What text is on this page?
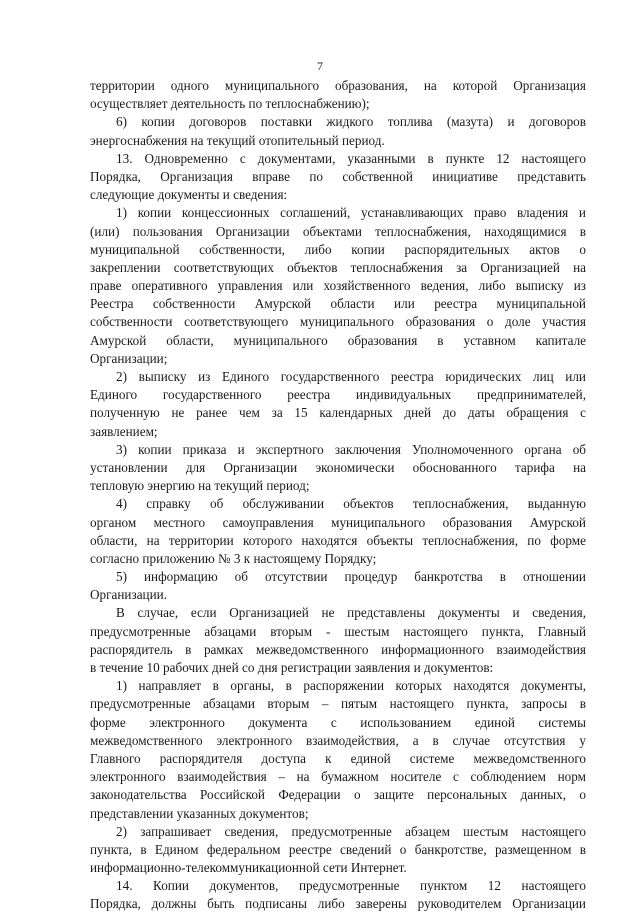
7
территории одного муниципального образования, на которой Организация
осуществляет деятельность по теплоснабжению);
6) копии договоров поставки жидкого топлива (мазута) и договоров
энергоснабжения на текущий отопительный период.
13. Одновременно с документами, указанными в пункте 12 настоящего
Порядка, Организация вправе по собственной инициативе представить
следующие документы и сведения:
1) копии концессионных соглашений, устанавливающих право владения и
(или) пользования Организации объектами теплоснабжения, находящимися в
муниципальной собственности, либо копии распорядительных актов о
закреплении соответствующих объектов теплоснабжения за Организацией на
праве оперативного управления или хозяйственного ведения, либо выписку из
Реестра собственности Амурской области или реестра муниципальной
собственности соответствующего муниципального образования о доле участия
Амурской области, муниципального образования в уставном капитале
Организации;
2) выписку из Единого государственного реестра юридических лиц или
Единого государственного реестра индивидуальных предпринимателей,
полученную не ранее чем за 15 календарных дней до даты обращения с
заявлением;
3) копии приказа и экспертного заключения Уполномоченного органа об
установлении для Организации экономически обоснованного тарифа на
тепловую энергию на текущий период;
4) справку об обслуживании объектов теплоснабжения, выданную
органом местного самоуправления муниципального образования Амурской
области, на территории которого находятся объекты теплоснабжения, по форме
согласно приложению № 3 к настоящему Порядку;
5) информацию об отсутствии процедур банкротства в отношении
Организации.
В случае, если Организацией не представлены документы и сведения,
предусмотренные абзацами вторым - шестым настоящего пункта, Главный
распорядитель в рамках межведомственного информационного взаимодействия
в течение 10 рабочих дней со дня регистрации заявления и документов:
1) направляет в органы, в распоряжении которых находятся документы,
предусмотренные абзацами вторым – пятым настоящего пункта, запросы в
форме электронного документа с использованием единой системы
межведомственного электронного взаимодействия, а в случае отсутствия у
Главного распорядителя доступа к единой системе межведомственного
электронного взаимодействия – на бумажном носителе с соблюдением норм
законодательства Российской Федерации о защите персональных данных, о
представлении указанных документов;
2) запрашивает сведения, предусмотренные абзацем шестым настоящего
пункта, в Едином федеральном реестре сведений о банкротстве, размещенном в
информационно-телекоммуникационной сети Интернет.
14. Копии документов, предусмотренные пунктом 12 настоящего
Порядка, должны быть подписаны либо заверены руководителем Организации
